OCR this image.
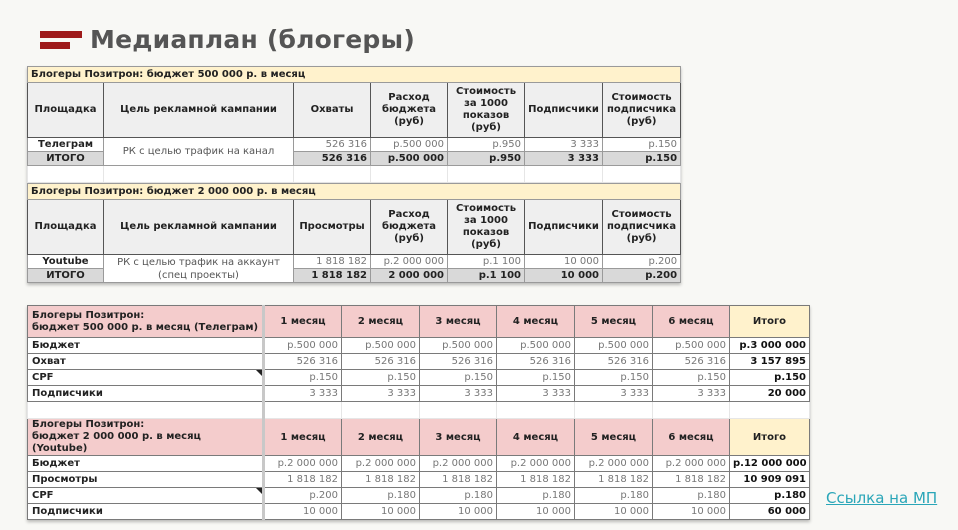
Медиаплан (блогеры)
Блогеры Позитрон: бюджет 500 000 р. в месяц						
Площадка	Цель рекламной кампании	Охваты	Расход бюджета (руб)	Стоимость за 1000 показов (руб)	Подписчики	Стоимость подписчика (руб)
Телеграм	РК с целью трафик на канал	526 316	р.500 000	р.950	3 333	р.150
ИТОГО		526 316	р.500 000	р.950	3 333	р.150

Блогеры Позитрон: бюджет 2 000 000 р. в месяц						
Площадка	Цель рекламной кампании	Просмотры	Расход бюджета (руб)	Стоимость за 1000 показов (руб)	Подписчики	Стоимость подписчика (руб)
Youtube	РК с целью трафик на аккаунт (спец проекты)	1 818 182	р.2 000 000	р.1 100	10 000	р.200
ИТОГО		1 818 182	2 000 000	р.1 100	10 000	р.200
Блогеры Позитрон:
бюджет 500 000 р. в месяц (Телеграм)	1 месяц	2 месяц	3 месяц	4 месяц	5 месяц	6 месяц	Итого
Бюджет	р.500 000	р.500 000	р.500 000	р.500 000	р.500 000	р.500 000	р.3 000 000
Охват	526 316	526 316	526 316	526 316	526 316	526 316	3 157 895
CPF	р.150	р.150	р.150	р.150	р.150	р.150	р.150
Подписчики	3 333	3 333	3 333	3 333	3 333	3 333	20 000

Блогеры Позитрон:
бюджет 2 000 000 р. в месяц (Youtube)	1 месяц	2 месяц	3 месяц	4 месяц	5 месяц	6 месяц	Итого
Бюджет	р.2 000 000	р.2 000 000	р.2 000 000	р.2 000 000	р.2 000 000	р.2 000 000	р.12 000 000
Просмотры	1 818 182	1 818 182	1 818 182	1 818 182	1 818 182	1 818 182	10 909 091
CPF	р.200	р.180	р.180	р.180	р.180	р.180	р.180
Подписчики	10 000	10 000	10 000	10 000	10 000	10 000	60 000
Ссылка на МП
